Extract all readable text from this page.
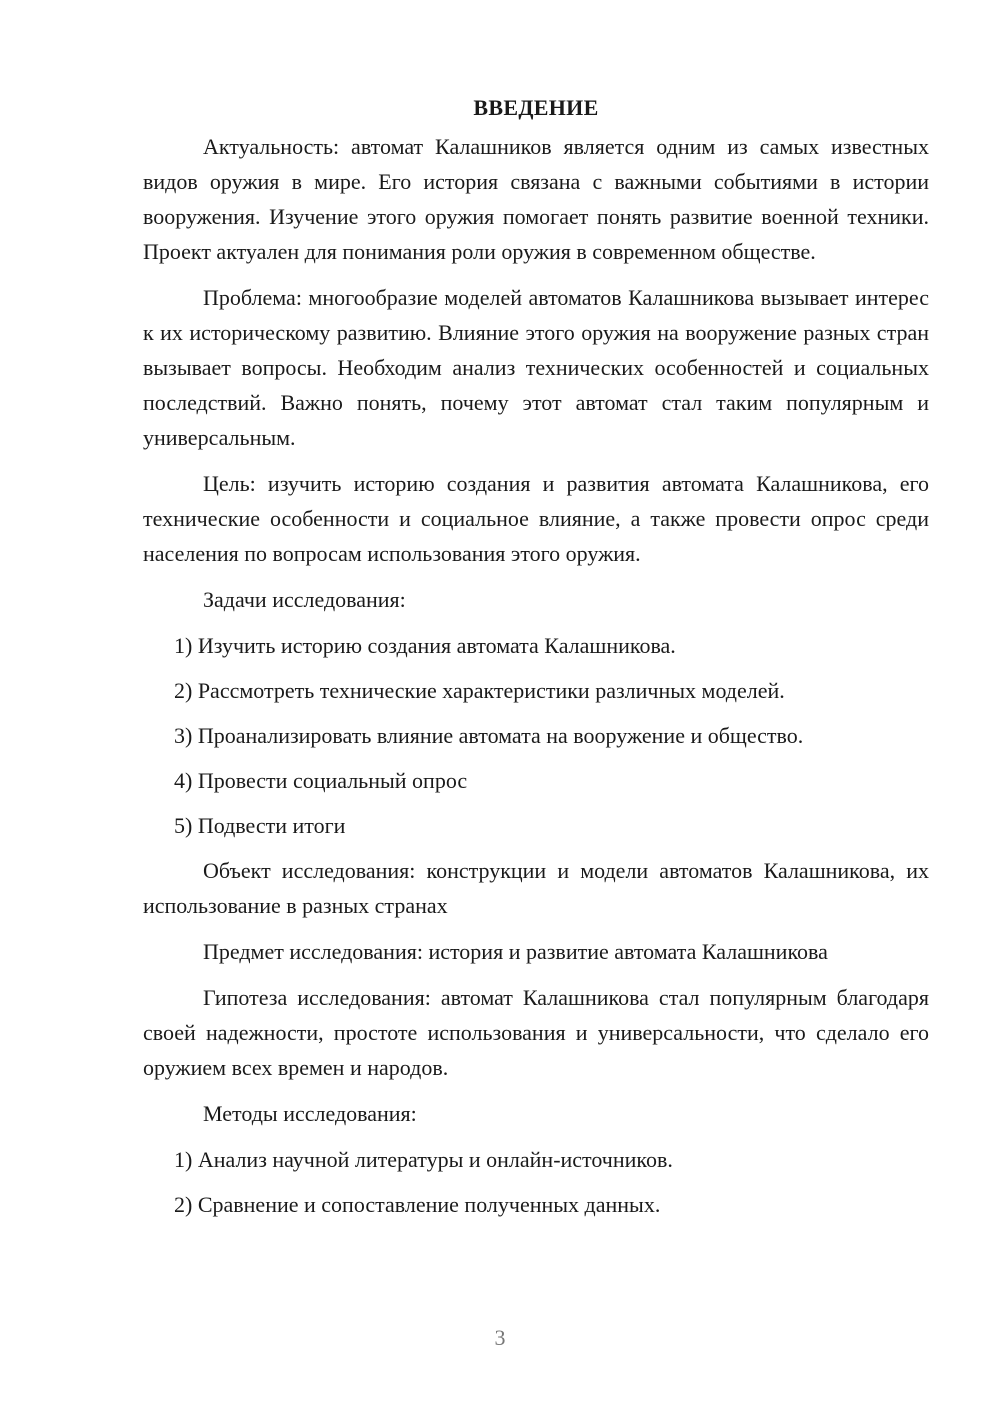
ВВЕДЕНИЕ

Актуальность: автомат Калашников является одним из самых известных видов оружия в мире. Его история связана с важными событиями в истории вооружения. Изучение этого оружия помогает понять развитие военной техники. Проект актуален для понимания роли оружия в современном обществе.

Проблема: многообразие моделей автоматов Калашникова вызывает интерес к их историческому развитию. Влияние этого оружия на вооружение разных стран вызывает вопросы. Необходим анализ технических особенностей и социальных последствий. Важно понять, почему этот автомат стал таким популярным и универсальным.

Цель: изучить историю создания и развития автомата Калашникова, его технические особенности и социальное влияние, а также провести опрос среди населения по вопросам использования этого оружия.

Задачи исследования:

1) Изучить историю создания автомата Калашникова.

2) Рассмотреть технические характеристики различных моделей.

3) Проанализировать влияние автомата на вооружение и общество.

4) Провести социальный опрос

5) Подвести итоги

Объект исследования: конструкции и модели автоматов Калашникова, их использование в разных странах

Предмет исследования: история и развитие автомата Калашникова

Гипотеза исследования: автомат Калашникова стал популярным благодаря своей надежности, простоте использования и универсальности, что сделало его оружием всех времен и народов.

Методы исследования:

1) Анализ научной литературы и онлайн-источников.

2) Сравнение и сопоставление полученных данных.

3
